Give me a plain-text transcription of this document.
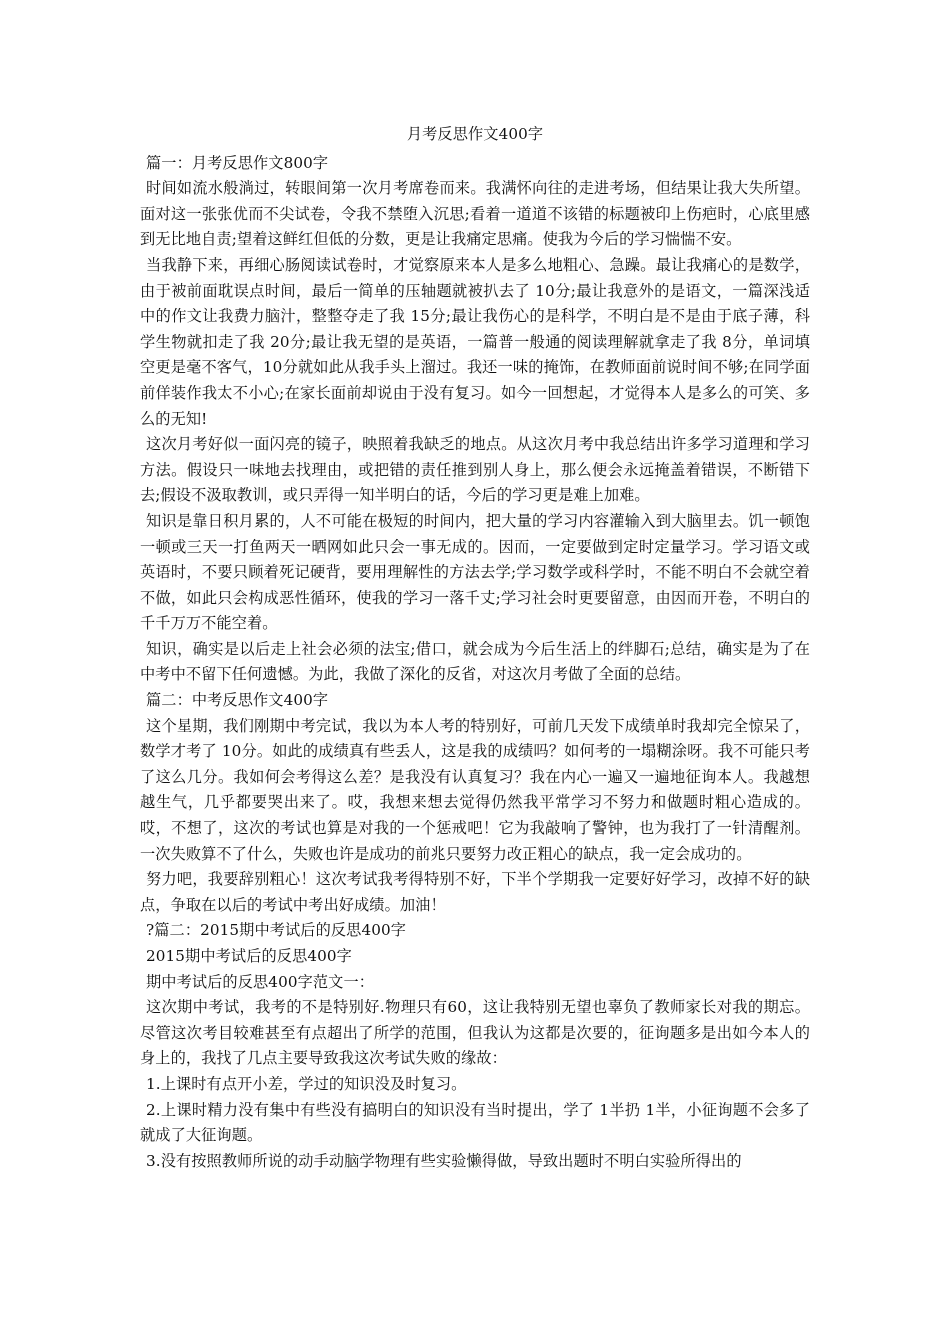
月考反思作文400字

篇一：月考反思作文800字

时间如流水般淌过，转眼间第一次月考席卷而来。我满怀向往的走进考场，但结果让我大失所望。面对这一张张优而不尖试卷，令我不禁堕入沉思;看着一道道不该错的标题被印上伤疤时，心底里感到无比地自责;望着这鲜红但低的分数，更是让我痛定思痛。使我为今后的学习惴惴不安。

当我静下来，再细心肠阅读试卷时，才觉察原来本人是多么地粗心、急躁。最让我痛心的是数学，由于被前面耽误点时间，最后一简单的压轴题就被扒去了 10分;最让我意外的是语文，一篇深浅适中的作文让我费力脑汁，整整夺走了我 15分;最让我伤心的是科学，不明白是不是由于底子薄，科学生物就扣走了我 20分;最让我无望的是英语，一篇普一般通的阅读理解就拿走了我 8分，单词填空更是毫不客气，10分就如此从我手头上溜过。我还一味的掩饰，在教师面前说时间不够;在同学面前佯装作我太不小心;在家长面前却说由于没有复习。如今一回想起，才觉得本人是多么的可笑、多么的无知!

这次月考好似一面闪亮的镜子，映照着我缺乏的地点。从这次月考中我总结出许多学习道理和学习方法。假设只一味地去找理由，或把错的责任推到别人身上，那么便会永远掩盖着错误，不断错下去;假设不汲取教训，或只弄得一知半明白的话，今后的学习更是难上加难。

知识是靠日积月累的，人不可能在极短的时间内，把大量的学习内容灌输入到大脑里去。饥一顿饱一顿或三天一打鱼两天一晒网如此只会一事无成的。因而，一定要做到定时定量学习。学习语文或英语时，不要只顾着死记硬背，要用理解性的方法去学;学习数学或科学时，不能不明白不会就空着不做，如此只会构成恶性循环，使我的学习一落千丈;学习社会时更要留意，由因而开卷，不明白的千千万万不能空着。

知识，确实是以后走上社会必须的法宝;借口，就会成为今后生活上的绊脚石;总结，确实是为了在中考中不留下任何遗憾。为此，我做了深化的反省，对这次月考做了全面的总结。

篇二：中考反思作文400字

这个星期，我们刚期中考完试，我以为本人考的特别好，可前几天发下成绩单时我却完全惊呆了，数学才考了 10分。如此的成绩真有些丢人，这是我的成绩吗？如何考的一塌糊涂呀。我不可能只考了这么几分。我如何会考得这么差？是我没有认真复习？我在内心一遍又一遍地征询本人。我越想越生气，几乎都要哭出来了。哎，我想来想去觉得仍然我平常学习不努力和做题时粗心造成的。哎，不想了，这次的考试也算是对我的一个惩戒吧！它为我敲响了警钟，也为我打了一针清醒剂。一次失败算不了什么，失败也许是成功的前兆只要努力改正粗心的缺点，我一定会成功的。

努力吧，我要辞别粗心！这次考试我考得特别不好，下半个学期我一定要好好学习，改掉不好的缺点，争取在以后的考试中考出好成绩。加油！

?篇二：2015期中考试后的反思400字

2015期中考试后的反思400字

期中考试后的反思400字范文一：

这次期中考试，我考的不是特别好.物理只有60，这让我特别无望也辜负了教师家长对我的期忘。尽管这次考目较难甚至有点超出了所学的范围，但我认为这都是次要的，征询题多是出如今本人的身上的，我找了几点主要导致我这次考试失败的缘故：

1.上课时有点开小差，学过的知识没及时复习。

2.上课时精力没有集中有些没有搞明白的知识没有当时提出，学了 1半扔 1半，小征询题不会多了就成了大征询题。

3.没有按照教师所说的动手动脑学物理有些实验懒得做，导致出题时不明白实验所得出的
